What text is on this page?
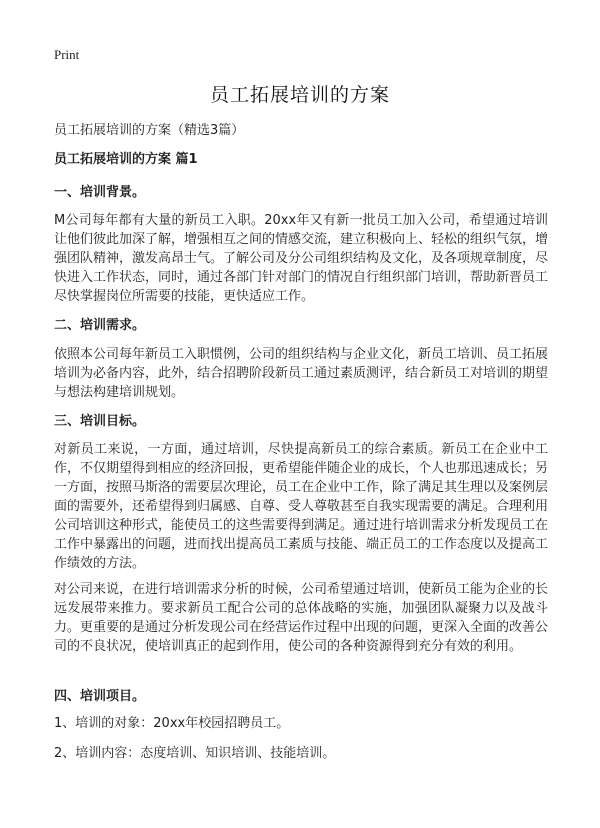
Print
员工拓展培训的方案
员工拓展培训的方案（精选3篇）
员工拓展培训的方案 篇1
一、培训背景。
M公司每年都有大量的新员工入职。20xx年又有新一批员工加入公司，希望通过培训让他们彼此加深了解，增强相互之间的情感交流，建立积极向上、轻松的组织气氛，增强团队精神，激发高昂士气。了解公司及分公司组织结构及文化，及各项规章制度，尽快进入工作状态，同时，通过各部门针对部门的情况自行组织部门培训，帮助新晋员工尽快掌握岗位所需要的技能，更快适应工作。
二、培训需求。
依照本公司每年新员工入职惯例，公司的组织结构与企业文化，新员工培训、员工拓展培训为必备内容，此外，结合招聘阶段新员工通过素质测评，结合新员工对培训的期望与想法构建培训规划。
三、培训目标。
对新员工来说，一方面，通过培训，尽快提高新员工的综合素质。新员工在企业中工作，不仅期望得到相应的经济回报，更希望能伴随企业的成长，个人也那迅速成长；另一方面，按照马斯洛的需要层次理论，员工在企业中工作，除了满足其生理以及案例层面的需要外，还希望得到归属感、自尊、受人尊敬甚至自我实现需要的满足。合理利用公司培训这种形式，能使员工的这些需要得到满足。通过进行培训需求分析发现员工在工作中暴露出的问题，进而找出提高员工素质与技能、端正员工的工作态度以及提高工作绩效的方法。
对公司来说，在进行培训需求分析的时候，公司希望通过培训，使新员工能为企业的长远发展带来推力。要求新员工配合公司的总体战略的实施，加强团队凝聚力以及战斗力。更重要的是通过分析发现公司在经营运作过程中出现的问题，更深入全面的改善公司的不良状况，使培训真正的起到作用，使公司的各种资源得到充分有效的利用。
四、培训项目。
1、培训的对象：20xx年校园招聘员工。
2、培训内容：态度培训、知识培训、技能培训。
